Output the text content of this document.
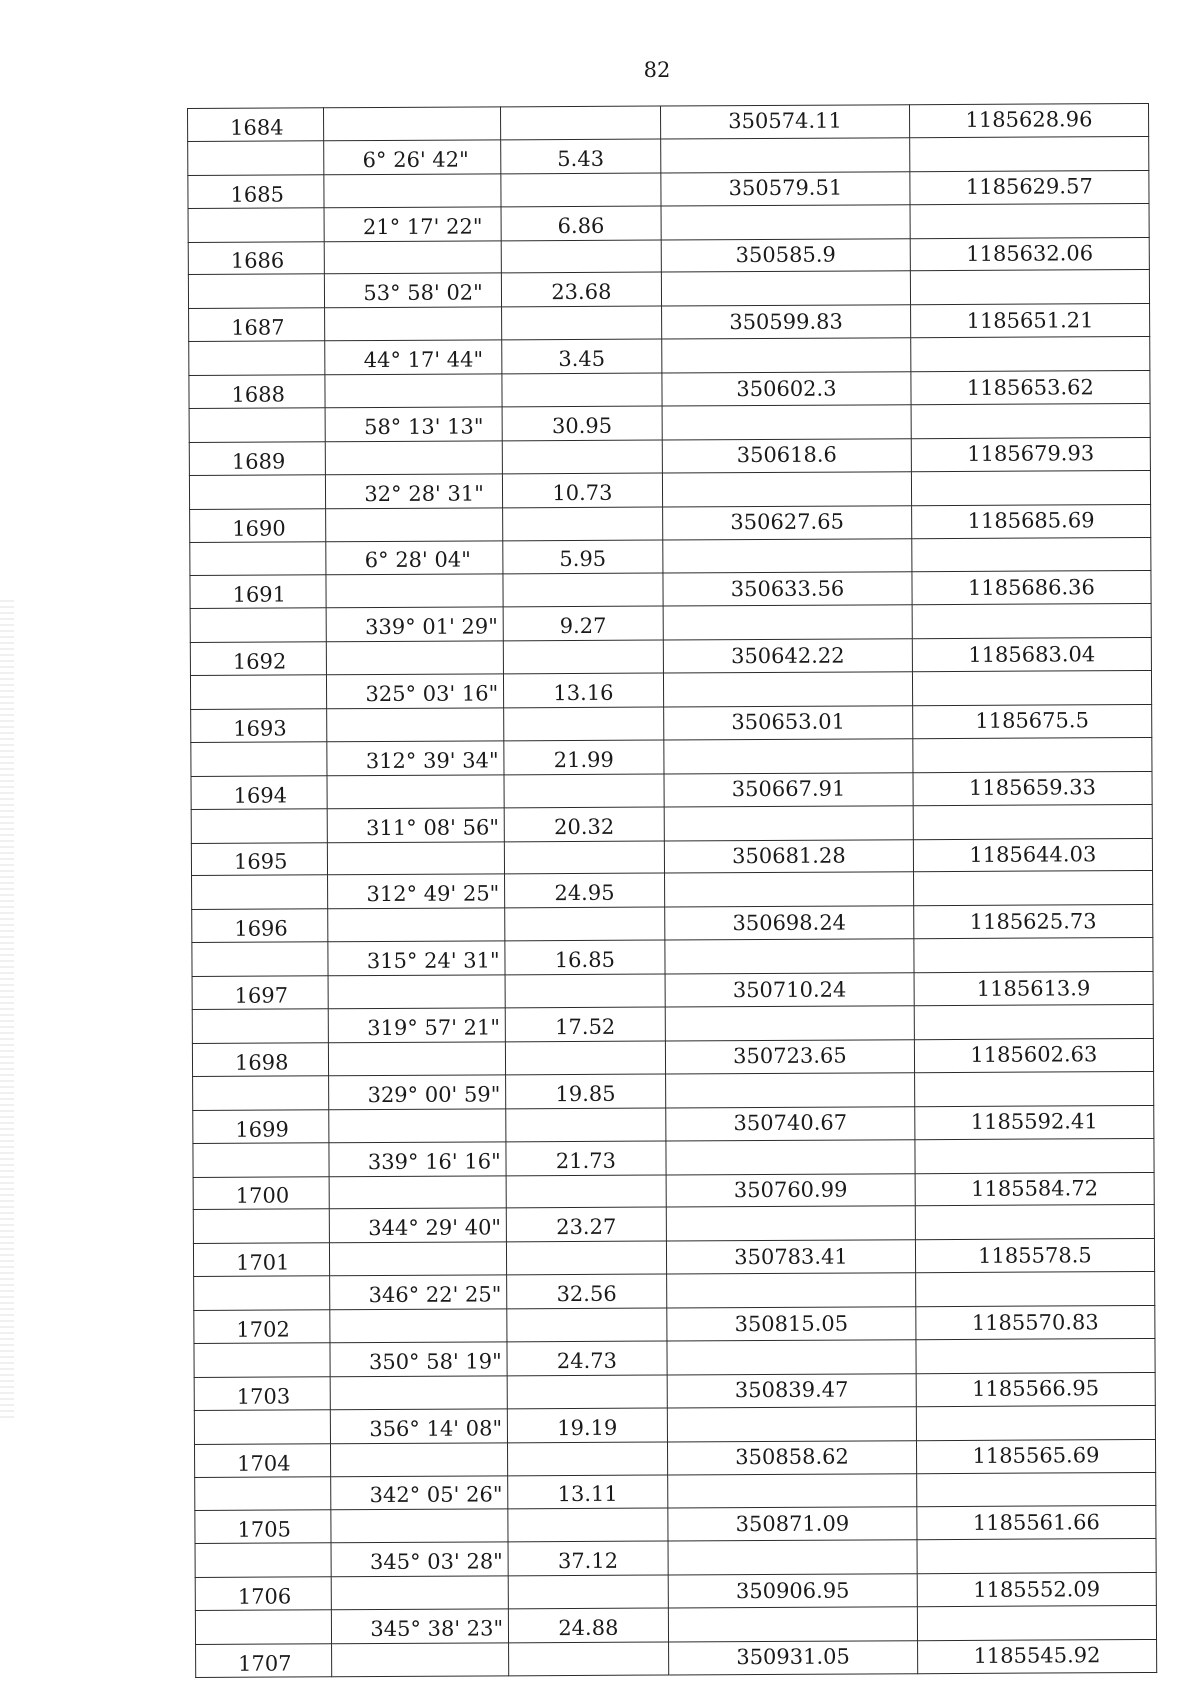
82
1684			350574.11	1185628.96
	6° 26' 42"	5.43		
1685			350579.51	1185629.57
	21° 17' 22"	6.86		
1686			350585.9	1185632.06
	53° 58' 02"	23.68		
1687			350599.83	1185651.21
	44° 17' 44"	3.45		
1688			350602.3	1185653.62
	58° 13' 13"	30.95		
1689			350618.6	1185679.93
	32° 28' 31"	10.73		
1690			350627.65	1185685.69
	6° 28' 04"	5.95		
1691			350633.56	1185686.36
	339° 01' 29"	9.27		
1692			350642.22	1185683.04
	325° 03' 16"	13.16		
1693			350653.01	1185675.5
	312° 39' 34"	21.99		
1694			350667.91	1185659.33
	311° 08' 56"	20.32		
1695			350681.28	1185644.03
	312° 49' 25"	24.95		
1696			350698.24	1185625.73
	315° 24' 31"	16.85		
1697			350710.24	1185613.9
	319° 57' 21"	17.52		
1698			350723.65	1185602.63
	329° 00' 59"	19.85		
1699			350740.67	1185592.41
	339° 16' 16"	21.73		
1700			350760.99	1185584.72
	344° 29' 40"	23.27		
1701			350783.41	1185578.5
	346° 22' 25"	32.56		
1702			350815.05	1185570.83
	350° 58' 19"	24.73		
1703			350839.47	1185566.95
	356° 14' 08"	19.19		
1704			350858.62	1185565.69
	342° 05' 26"	13.11		
1705			350871.09	1185561.66
	345° 03' 28"	37.12		
1706			350906.95	1185552.09
	345° 38' 23"	24.88		
1707			350931.05	1185545.92
